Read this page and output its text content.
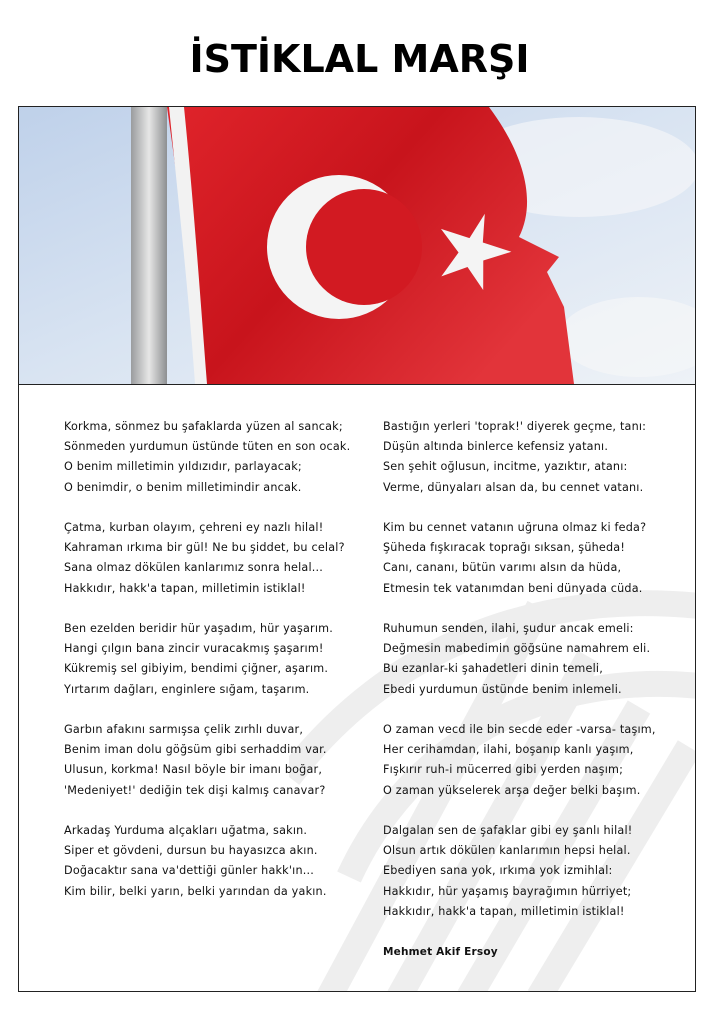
İSTİKLAL MARŞI
Korkma, sönmez bu şafaklarda yüzen al sancak;
Sönmeden yurdumun üstünde tüten en son ocak.
O benim milletimin yıldızıdır, parlayacak;
O benimdir, o benim milletimindir ancak.
Çatma, kurban olayım, çehreni ey nazlı hilal!
Kahraman ırkıma bir gül! Ne bu şiddet, bu celal?
Sana olmaz dökülen kanlarımız sonra helal...
Hakkıdır, hakk'a tapan, milletimin istiklal!
Ben ezelden beridir hür yaşadım, hür yaşarım.
Hangi çılgın bana zincir vuracakmış şaşarım!
Kükremiş sel gibiyim, bendimi çiğner, aşarım.
Yırtarım dağları, enginlere sığam, taşarım.
Garbın afakını sarmışsa çelik zırhlı duvar,
Benim iman dolu göğsüm gibi serhaddim var.
Ulusun, korkma! Nasıl böyle bir imanı boğar,
'Medeniyet!' dediğin tek dişi kalmış canavar?
Arkadaş Yurduma alçakları uğatma, sakın.
Siper et gövdeni, dursun bu hayasızca akın.
Doğacaktır sana va'dettiği günler hakk'ın...
Kim bilir, belki yarın, belki yarından da yakın.
Bastığın yerleri 'toprak!' diyerek geçme, tanı:
Düşün altında binlerce kefensiz yatanı.
Sen şehit oğlusun, incitme, yazıktır, atanı:
Verme, dünyaları alsan da, bu cennet vatanı.
Kim bu cennet vatanın uğruna olmaz ki feda?
Şüheda fışkıracak toprağı sıksan, şüheda!
Canı, cananı, bütün varımı alsın da hüda,
Etmesin tek vatanımdan beni dünyada cüda.
Ruhumun senden, ilahi, şudur ancak emeli:
Değmesin mabedimin göğsüne namahrem eli.
Bu ezanlar-ki şahadetleri dinin temeli,
Ebedi yurdumun üstünde benim inlemeli.
O zaman vecd ile bin secde eder -varsa- taşım,
Her cerihamdan, ilahi, boşanıp kanlı yaşım,
Fışkırır ruh-i mücerred gibi yerden naşım;
O zaman yükselerek arşa değer belki başım.
Dalgalan sen de şafaklar gibi ey şanlı hilal!
Olsun artık dökülen kanlarımın hepsi helal.
Ebediyen sana yok, ırkıma yok izmihlal:
Hakkıdır, hür yaşamış bayrağımın hürriyet;
Hakkıdır, hakk'a tapan, milletimin istiklal!
Mehmet Akif Ersoy
